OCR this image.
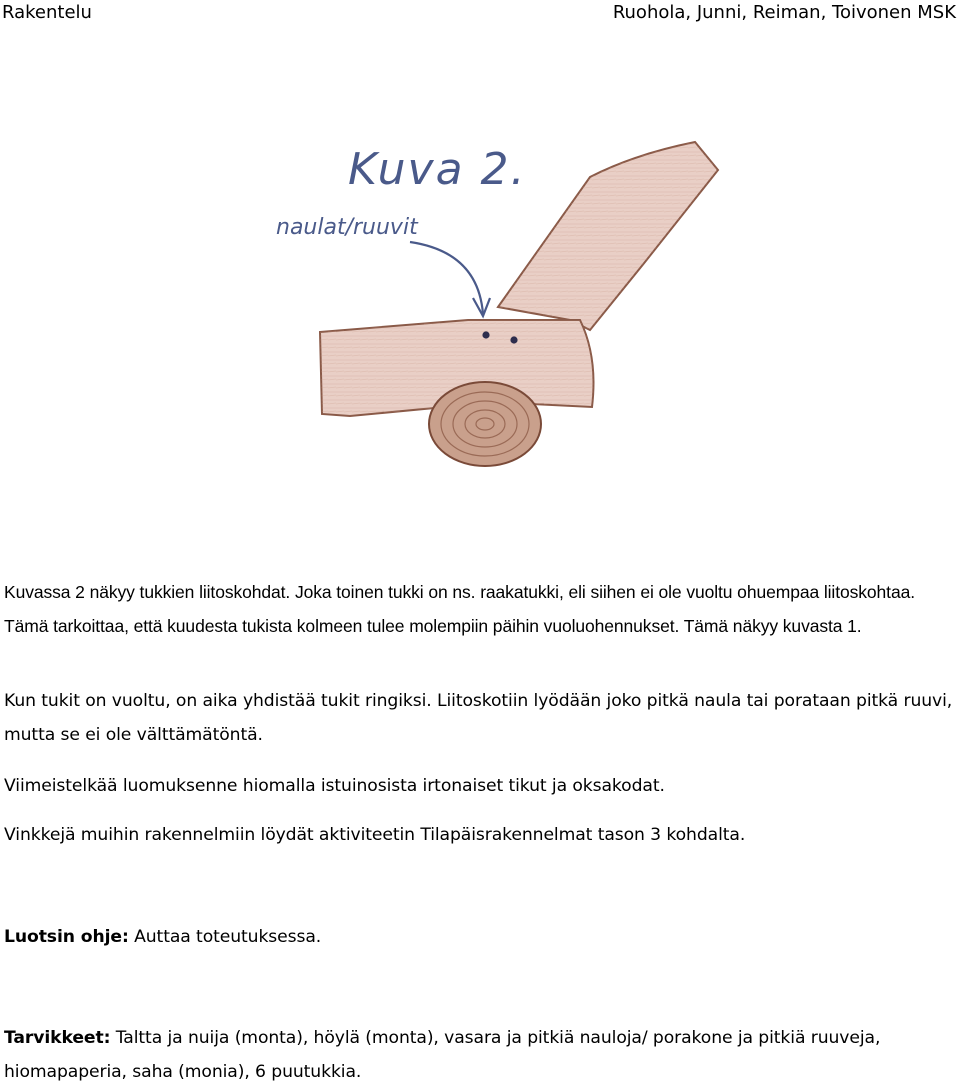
Rakentelu	Ruohola, Junni, Reiman, Toivonen MSK
Kuva 2.
naulat/ruuvit

Kuvassa 2 näkyy tukkien liitoskohdat. Joka toinen tukki on ns. raakatukki, eli siihen ei ole vuoltu ohuempaa liitoskohtaa. Tämä tarkoittaa, että kuudesta tukista kolmeen tulee molempiin päihin vuoluohennukset. Tämä näkyy kuvasta 1.

Kun tukit on vuoltu, on aika yhdistää tukit ringiksi. Liitoskotiin lyödään joko pitkä naula tai porataan pitkä ruuvi, mutta se ei ole välttämätöntä.

Viimeistelkää luomuksenne hiomalla istuinosista irtonaiset tikut ja oksakodat.

Vinkkejä muihin rakennelmiin löydät aktiviteetin Tilapäisrakennelmat tason 3 kohdalta.

Luotsin ohje: Auttaa toteutuksessa.

Tarvikkeet: Taltta ja nuija (monta), höylä (monta), vasara ja pitkiä nauloja/ porakone ja pitkiä ruuveja, hiomapaperia, saha (monia), 6 puutukkia.
